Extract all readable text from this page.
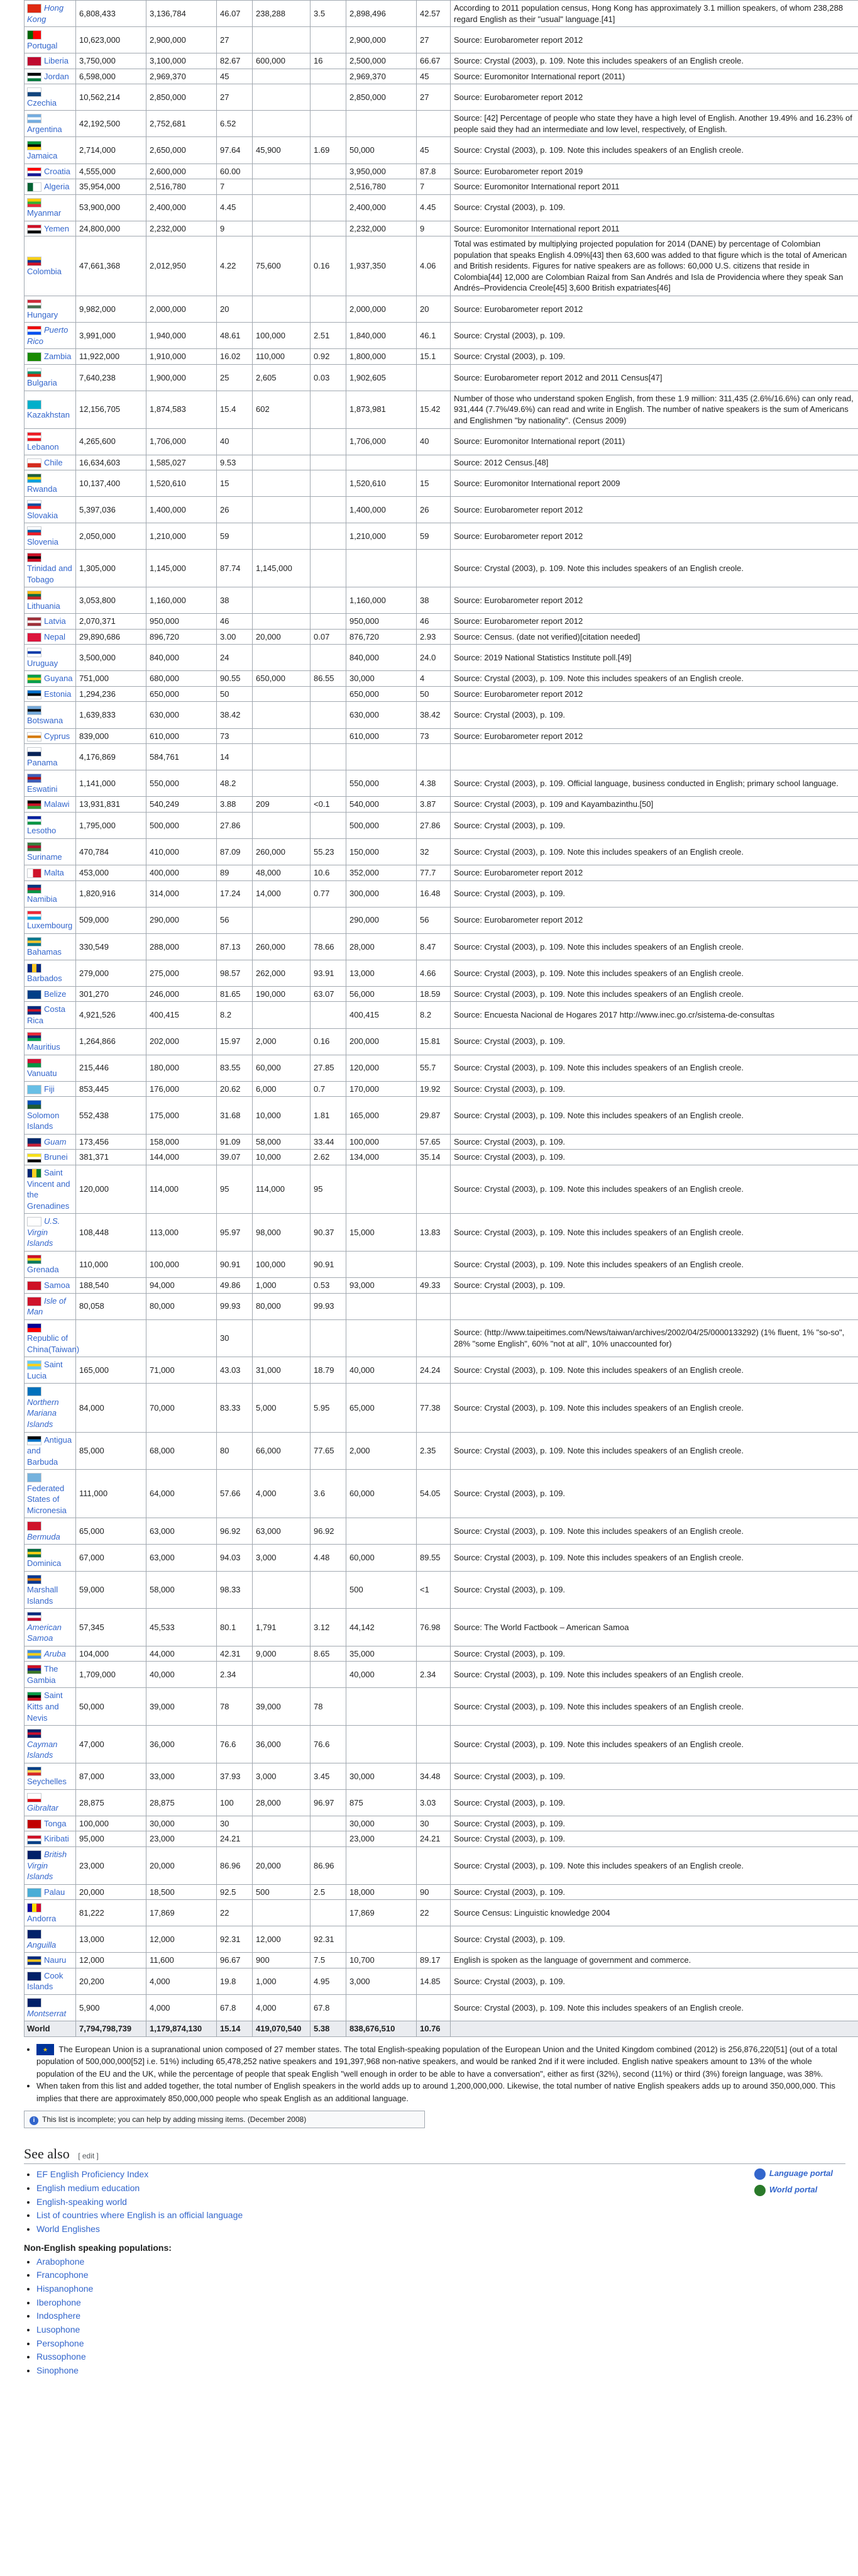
Hong Kong	6,808,433	3,136,784	46.07	238,288	3.5	2,898,496	42.57	According to 2011 population census, Hong Kong has approximately 3.1 million speakers, of whom 238,288 regard English as their "usual" language.[41]
Portugal	10,623,000	2,900,000	27			2,900,000	27	Source: Eurobarometer report 2012
Liberia	3,750,000	3,100,000	82.67	600,000	16	2,500,000	66.67	Source: Crystal (2003), p. 109. Note this includes speakers of an English creole.
Jordan	6,598,000	2,969,370	45			2,969,370	45	Source: Euromonitor International report (2011)
Czechia	10,562,214	2,850,000	27			2,850,000	27	Source: Eurobarometer report 2012
Argentina	42,192,500	2,752,681	6.52					Source: [42] Percentage of people who state they have a high level of English. Another 19.49% and 16.23% of people said they had an intermediate and low level, respectively, of English.
Jamaica	2,714,000	2,650,000	97.64	45,900	1.69	50,000	45	Source: Crystal (2003), p. 109. Note this includes speakers of an English creole.
Croatia	4,555,000	2,600,000	60.00			3,950,000	87.8	Source: Eurobarometer report 2019
Algeria	35,954,000	2,516,780	7			2,516,780	7	Source: Euromonitor International report 2011
Myanmar	53,900,000	2,400,000	4.45			2,400,000	4.45	Source: Crystal (2003), p. 109.
Yemen	24,800,000	2,232,000	9			2,232,000	9	Source: Euromonitor International report 2011
Colombia	47,661,368	2,012,950	4.22	75,600	0.16	1,937,350	4.06	Total was estimated by multiplying projected population for 2014 (DANE) by percentage of Colombian population that speaks English 4.09%[43] then 63,600 was added to that figure which is the total of American and British residents. Figures for native speakers are as follows: 60,000 U.S. citizens that reside in Colombia[44] 12,000 are Colombian Raizal from San Andrés and Isla de Providencia where they speak San Andrés–Providencia Creole[45] 3,600 British expatriates[46]
Hungary	9,982,000	2,000,000	20			2,000,000	20	Source: Eurobarometer report 2012
Puerto Rico	3,991,000	1,940,000	48.61	100,000	2.51	1,840,000	46.1	Source: Crystal (2003), p. 109.
Zambia	11,922,000	1,910,000	16.02	110,000	0.92	1,800,000	15.1	Source: Crystal (2003), p. 109.
Bulgaria	7,640,238	1,900,000	25	2,605	0.03	1,902,605		Source: Eurobarometer report 2012 and 2011 Census[47]
Kazakhstan	12,156,705	1,874,583	15.4	602		1,873,981	15.42	Number of those who understand spoken English, from these 1.9 million: 311,435 (2.6%/16.6%) can only read, 931,444 (7.7%/49.6%) can read and write in English. The number of native speakers is the sum of Americans and Englishmen "by nationality". (Census 2009)
Lebanon	4,265,600	1,706,000	40			1,706,000	40	Source: Euromonitor International report (2011)
Chile	16,634,603	1,585,027	9.53					Source: 2012 Census.[48]
Rwanda	10,137,400	1,520,610	15			1,520,610	15	Source: Euromonitor International report 2009
Slovakia	5,397,036	1,400,000	26			1,400,000	26	Source: Eurobarometer report 2012
Slovenia	2,050,000	1,210,000	59			1,210,000	59	Source: Eurobarometer report 2012
Trinidad and Tobago	1,305,000	1,145,000	87.74	1,145,000				Source: Crystal (2003), p. 109. Note this includes speakers of an English creole.
Lithuania	3,053,800	1,160,000	38			1,160,000	38	Source: Eurobarometer report 2012
Latvia	2,070,371	950,000	46			950,000	46	Source: Eurobarometer report 2012
Nepal	29,890,686	896,720	3.00	20,000	0.07	876,720	2.93	Source: Census. (date not verified)[citation needed]
Uruguay	3,500,000	840,000	24			840,000	24.0	Source: 2019 National Statistics Institute poll.[49]
Guyana	751,000	680,000	90.55	650,000	86.55	30,000	4	Source: Crystal (2003), p. 109. Note this includes speakers of an English creole.
Estonia	1,294,236	650,000	50			650,000	50	Source: Eurobarometer report 2012
Botswana	1,639,833	630,000	38.42			630,000	38.42	Source: Crystal (2003), p. 109.
Cyprus	839,000	610,000	73			610,000	73	Source: Eurobarometer report 2012
Panama	4,176,869	584,761	14					
Eswatini	1,141,000	550,000	48.2			550,000	4.38	Source: Crystal (2003), p. 109. Official language, business conducted in English; primary school language.
Malawi	13,931,831	540,249	3.88	209	<0.1	540,000	3.87	Source: Crystal (2003), p. 109 and Kayambazinthu.[50]
Lesotho	1,795,000	500,000	27.86			500,000	27.86	Source: Crystal (2003), p. 109.
Suriname	470,784	410,000	87.09	260,000	55.23	150,000	32	Source: Crystal (2003), p. 109. Note this includes speakers of an English creole.
Malta	453,000	400,000	89	48,000	10.6	352,000	77.7	Source: Eurobarometer report 2012
Namibia	1,820,916	314,000	17.24	14,000	0.77	300,000	16.48	Source: Crystal (2003), p. 109.
Luxembourg	509,000	290,000	56			290,000	56	Source: Eurobarometer report 2012
Bahamas	330,549	288,000	87.13	260,000	78.66	28,000	8.47	Source: Crystal (2003), p. 109. Note this includes speakers of an English creole.
Barbados	279,000	275,000	98.57	262,000	93.91	13,000	4.66	Source: Crystal (2003), p. 109. Note this includes speakers of an English creole.
Belize	301,270	246,000	81.65	190,000	63.07	56,000	18.59	Source: Crystal (2003), p. 109. Note this includes speakers of an English creole.
Costa Rica	4,921,526	400,415	8.2			400,415	8.2	Source: Encuesta Nacional de Hogares 2017 http://www.inec.go.cr/sistema-de-consultas
Mauritius	1,264,866	202,000	15.97	2,000	0.16	200,000	15.81	Source: Crystal (2003), p. 109.
Vanuatu	215,446	180,000	83.55	60,000	27.85	120,000	55.7	Source: Crystal (2003), p. 109. Note this includes speakers of an English creole.
Fiji	853,445	176,000	20.62	6,000	0.7	170,000	19.92	Source: Crystal (2003), p. 109.
Solomon Islands	552,438	175,000	31.68	10,000	1.81	165,000	29.87	Source: Crystal (2003), p. 109. Note this includes speakers of an English creole.
Guam	173,456	158,000	91.09	58,000	33.44	100,000	57.65	Source: Crystal (2003), p. 109.
Brunei	381,371	144,000	39.07	10,000	2.62	134,000	35.14	Source: Crystal (2003), p. 109.
Saint Vincent and the Grenadines	120,000	114,000	95	114,000	95			Source: Crystal (2003), p. 109. Note this includes speakers of an English creole.
U.S. Virgin Islands	108,448	113,000	95.97	98,000	90.37	15,000	13.83	Source: Crystal (2003), p. 109. Note this includes speakers of an English creole.
Grenada	110,000	100,000	90.91	100,000	90.91			Source: Crystal (2003), p. 109. Note this includes speakers of an English creole.
Samoa	188,540	94,000	49.86	1,000	0.53	93,000	49.33	Source: Crystal (2003), p. 109.
Isle of Man	80,058	80,000	99.93	80,000	99.93			
Republic of China(Taiwan)			30					Source: (http://www.taipeitimes.com/News/taiwan/archives/2002/04/25/0000133292) (1% fluent, 1% "so-so", 28% "some English", 60% "not at all", 10% unaccounted for)
Saint Lucia	165,000	71,000	43.03	31,000	18.79	40,000	24.24	Source: Crystal (2003), p. 109. Note this includes speakers of an English creole.
Northern Mariana Islands	84,000	70,000	83.33	5,000	5.95	65,000	77.38	Source: Crystal (2003), p. 109. Note this includes speakers of an English creole.
Antigua and Barbuda	85,000	68,000	80	66,000	77.65	2,000	2.35	Source: Crystal (2003), p. 109. Note this includes speakers of an English creole.
Federated States of Micronesia	111,000	64,000	57.66	4,000	3.6	60,000	54.05	Source: Crystal (2003), p. 109.
Bermuda	65,000	63,000	96.92	63,000	96.92			Source: Crystal (2003), p. 109. Note this includes speakers of an English creole.
Dominica	67,000	63,000	94.03	3,000	4.48	60,000	89.55	Source: Crystal (2003), p. 109. Note this includes speakers of an English creole.
Marshall Islands	59,000	58,000	98.33			500	<1	Source: Crystal (2003), p. 109.
American Samoa	57,345	45,533	80.1	1,791	3.12	44,142	76.98	Source: The World Factbook – American Samoa
Aruba	104,000	44,000	42.31	9,000	8.65	35,000		Source: Crystal (2003), p. 109.
The Gambia	1,709,000	40,000	2.34			40,000	2.34	Source: Crystal (2003), p. 109. Note this includes speakers of an English creole.
Saint Kitts and Nevis	50,000	39,000	78	39,000	78			Source: Crystal (2003), p. 109. Note this includes speakers of an English creole.
Cayman Islands	47,000	36,000	76.6	36,000	76.6			Source: Crystal (2003), p. 109. Note this includes speakers of an English creole.
Seychelles	87,000	33,000	37.93	3,000	3.45	30,000	34.48	Source: Crystal (2003), p. 109.
Gibraltar	28,875	28,875	100	28,000	96.97	875	3.03	Source: Crystal (2003), p. 109.
Tonga	100,000	30,000	30			30,000	30	Source: Crystal (2003), p. 109.
Kiribati	95,000	23,000	24.21			23,000	24.21	Source: Crystal (2003), p. 109.
British Virgin Islands	23,000	20,000	86.96	20,000	86.96			Source: Crystal (2003), p. 109. Note this includes speakers of an English creole.
Palau	20,000	18,500	92.5	500	2.5	18,000	90	Source: Crystal (2003), p. 109.
Andorra	81,222	17,869	22			17,869	22	Source Census: Linguistic knowledge 2004
Anguilla	13,000	12,000	92.31	12,000	92.31			Source: Crystal (2003), p. 109.
Nauru	12,000	11,600	96.67	900	7.5	10,700	89.17	English is spoken as the language of government and commerce.
Cook Islands	20,200	4,000	19.8	1,000	4.95	3,000	14.85	Source: Crystal (2003), p. 109.
Montserrat	5,900	4,000	67.8	4,000	67.8			Source: Crystal (2003), p. 109. Note this includes speakers of an English creole.
World	7,794,798,739	1,179,874,130	15.14	419,070,540	5.38	838,676,510	10.76	
★ • The European Union is a supranational union composed of 27 member states. The total English-speaking population of the European Union and the United Kingdom combined (2012) is 256,876,220[51] (out of a total population of 500,000,000[52] i.e. 51%) including 65,478,252 native speakers and 191,397,968 non-native speakers, and would be ranked 2nd if it were included. English native speakers amount to 13% of the whole population of the EU and the UK, while the percentage of people that speak English "well enough in order to be able to have a conversation", either as first (32%), second (11%) or third (3%) foreign language, was 38%.
• When taken from this list and added together, the total number of English speakers in the world adds up to around 1,200,000,000. Likewise, the total number of native English speakers adds up to around 350,000,000. This implies that there are approximately 850,000,000 people who speak English as an additional language.
i This list is incomplete; you can help by adding missing items. (December 2008)
See also [ edit ]
Language portal
World portal
• EF English Proficiency Index
• English medium education
• English-speaking world
• List of countries where English is an official language
• World Englishes
Non-English speaking populations:
• Arabophone
• Francophone
• Hispanophone
• Iberophone
• Indosphere
• Lusophone
• Persophone
• Russophone
• Sinophone
